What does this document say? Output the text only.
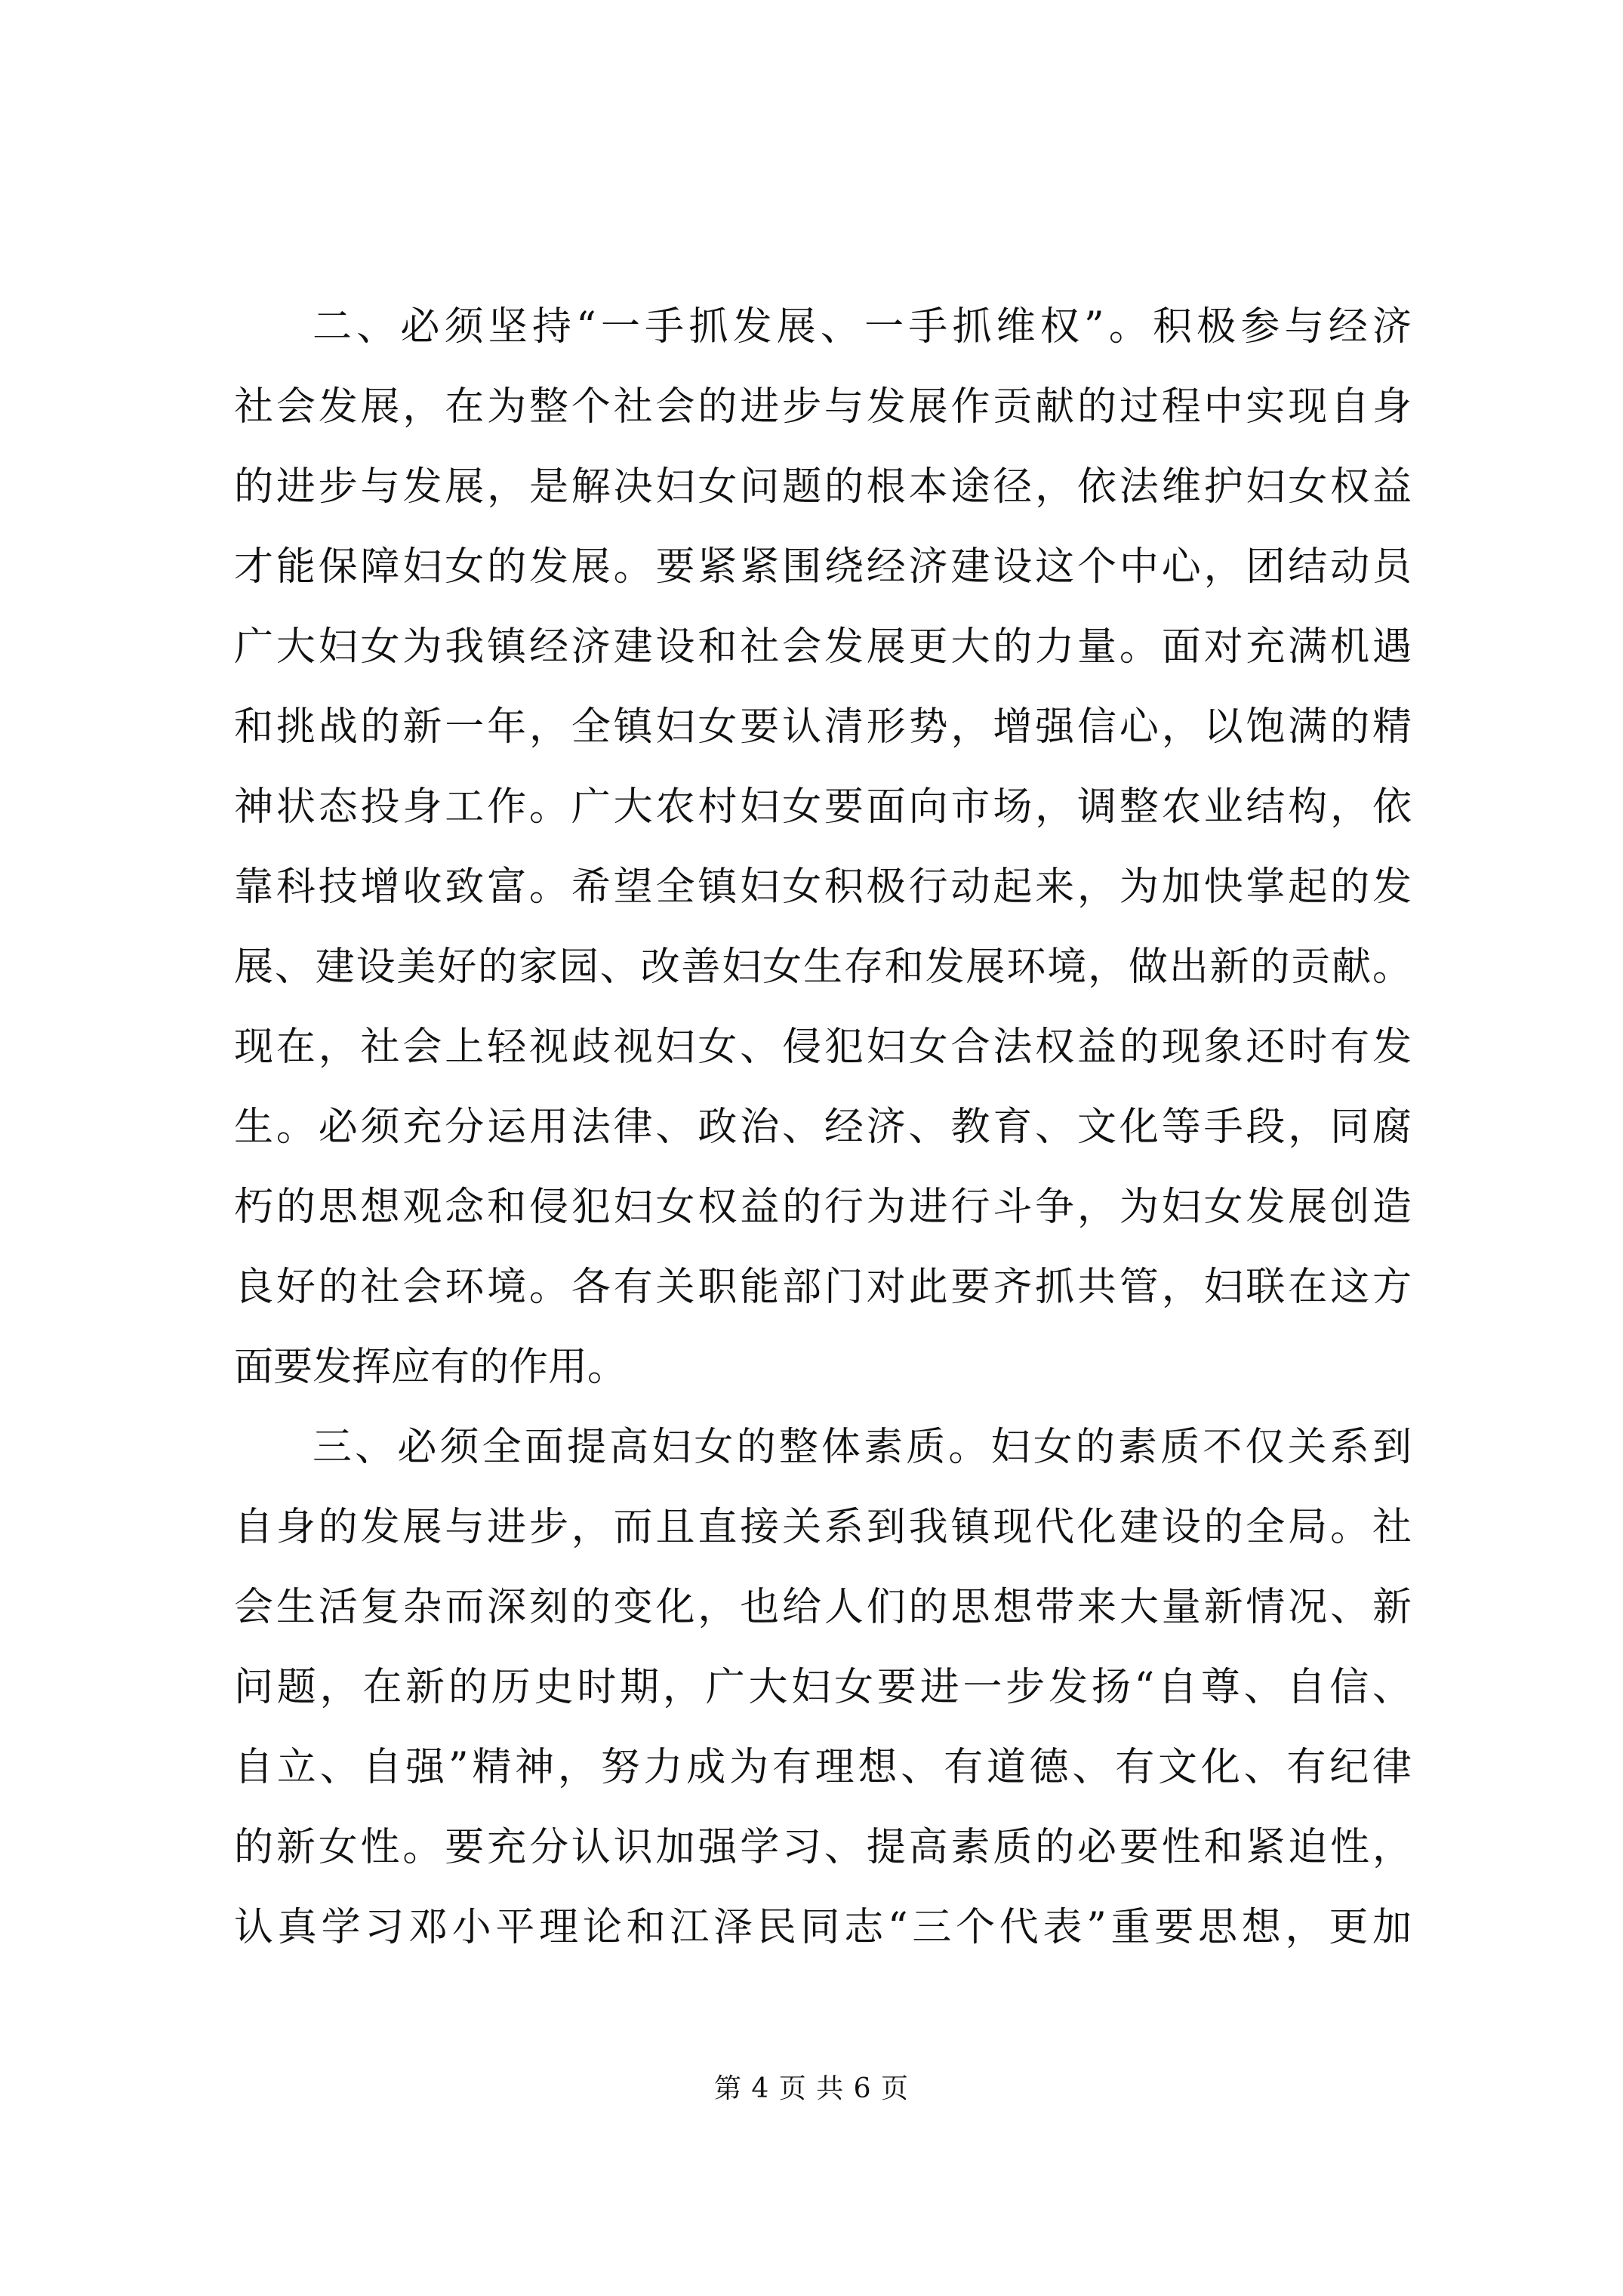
二、必须坚持“一手抓发展、一手抓维权”。积极参与经济
社会发展，在为整个社会的进步与发展作贡献的过程中实现自身
的进步与发展，是解决妇女问题的根本途径，依法维护妇女权益
才能保障妇女的发展。要紧紧围绕经济建设这个中心，团结动员
广大妇女为我镇经济建设和社会发展更大的力量。面对充满机遇
和挑战的新一年，全镇妇女要认清形势，增强信心，以饱满的精
神状态投身工作。广大农村妇女要面向市场，调整农业结构，依
靠科技增收致富。希望全镇妇女积极行动起来，为加快掌起的发
展、建设美好的家园、改善妇女生存和发展环境，做出新的贡献。
现在，社会上轻视歧视妇女、侵犯妇女合法权益的现象还时有发
生。必须充分运用法律、政治、经济、教育、文化等手段，同腐
朽的思想观念和侵犯妇女权益的行为进行斗争，为妇女发展创造
良好的社会环境。各有关职能部门对此要齐抓共管，妇联在这方
面要发挥应有的作用。
三、必须全面提高妇女的整体素质。妇女的素质不仅关系到
自身的发展与进步，而且直接关系到我镇现代化建设的全局。社
会生活复杂而深刻的变化，也给人们的思想带来大量新情况、新
问题，在新的历史时期，广大妇女要进一步发扬“自尊、自信、
自立、自强”精神，努力成为有理想、有道德、有文化、有纪律
的新女性。要充分认识加强学习、提高素质的必要性和紧迫性，
认真学习邓小平理论和江泽民同志“三个代表”重要思想，更加
第 4 页 共 6 页
